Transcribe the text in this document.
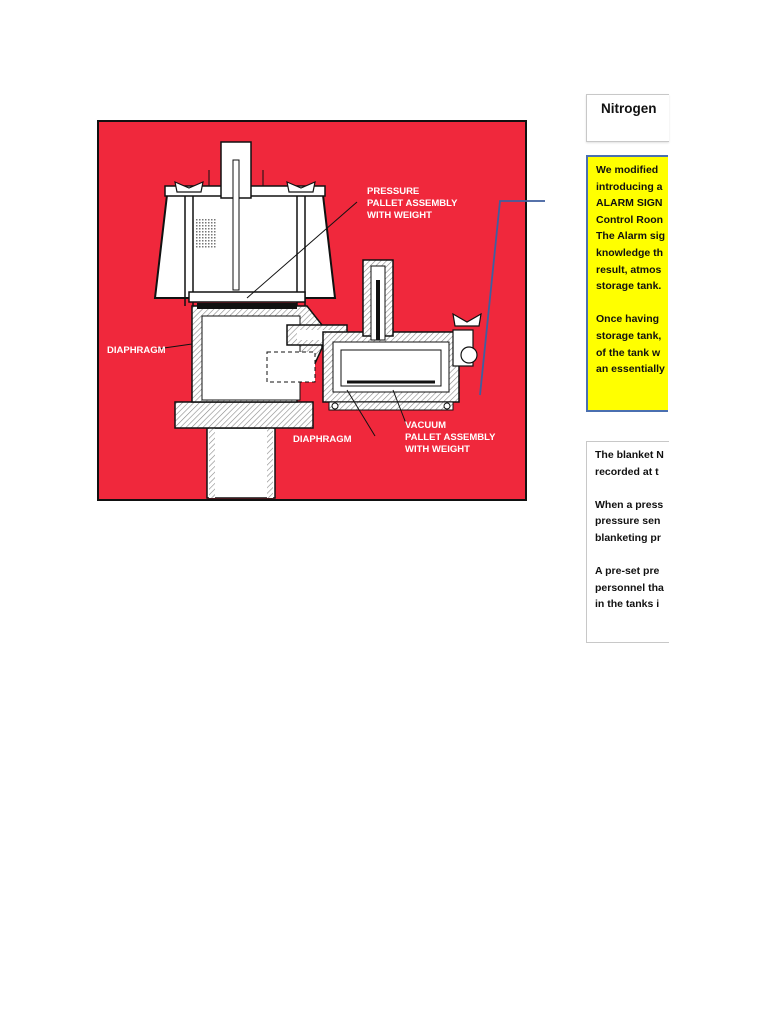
PRESSURE PALLET ASSEMBLY WITH WEIGHT
DIAPHRAGM
DIAPHRAGM
VACUUM PALLET ASSEMBLY WITH WEIGHT
Nitrogen
We modified
introducing a
ALARM SIGN
Control Roon
The Alarm sig
knowledge th
result, atmos
storage tank.
Once having
storage tank,
of the tank w
an essentially
The blanket N
recorded at t
When a press
pressure sen
blanketing pr
A pre-set pre
personnel tha
in the tanks i
